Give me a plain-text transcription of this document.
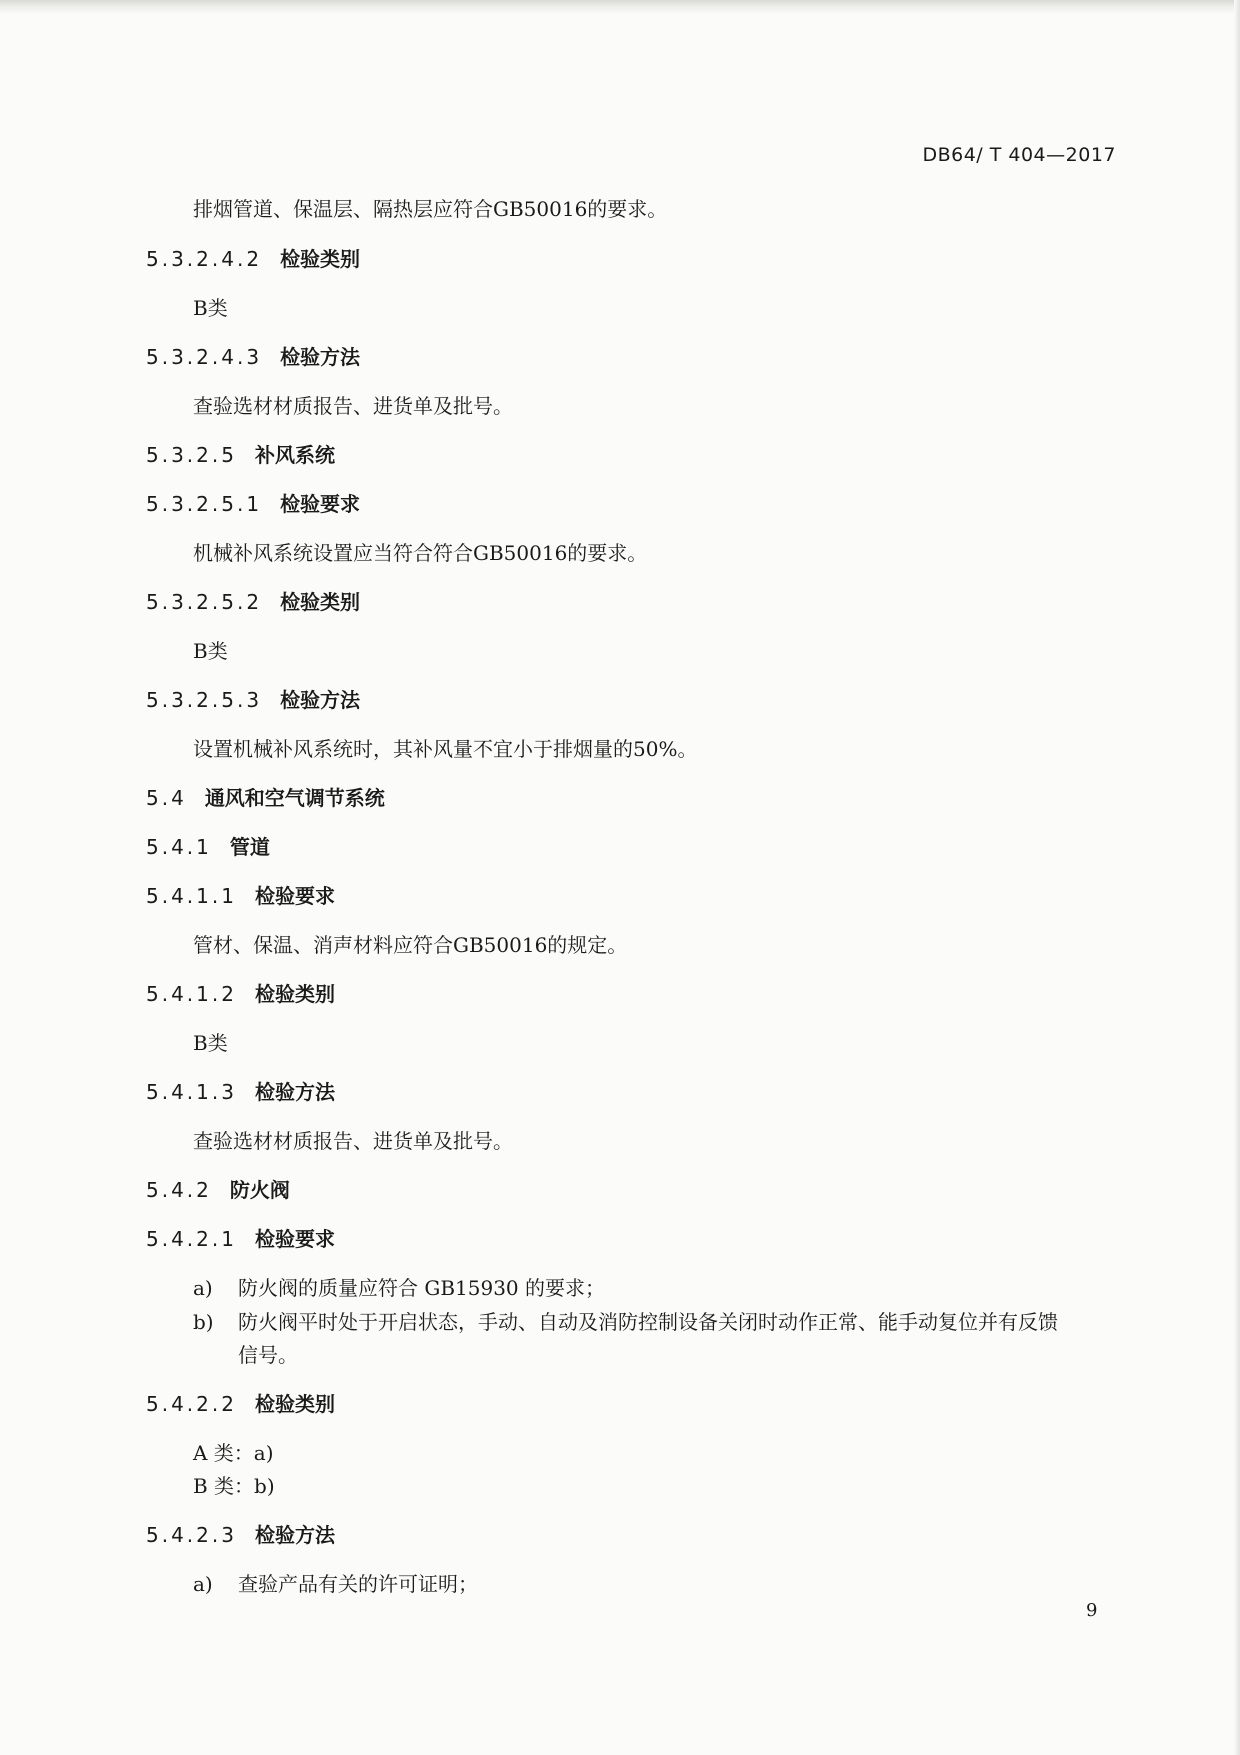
DB64/ T 404—2017

排烟管道、保温层、隔热层应符合GB50016的要求。

5.3.2.4.2 检验类别

B类

5.3.2.4.3 检验方法

查验选材材质报告、进货单及批号。

5.3.2.5 补风系统
5.3.2.5.1 检验要求

机械补风系统设置应当符合符合GB50016的要求。

5.3.2.5.2 检验类别

B类

5.3.2.5.3 检验方法

设置机械补风系统时，其补风量不宜小于排烟量的50%。

5.4 通风和空气调节系统
5.4.1 管道
5.4.1.1 检验要求

管材、保温、消声材料应符合GB50016的规定。

5.4.1.2 检验类别

B类

5.4.1.3 检验方法

查验选材材质报告、进货单及批号。

5.4.2 防火阀
5.4.2.1 检验要求
a) 防火阀的质量应符合 GB15930 的要求；
b) 防火阀平时处于开启状态，手动、自动及消防控制设备关闭时动作正常、能手动复位并有反馈

信号。

5.4.2.2 检验类别

A 类：a)

B 类：b)

5.4.2.3 检验方法
a) 查验产品有关的许可证明；
9
